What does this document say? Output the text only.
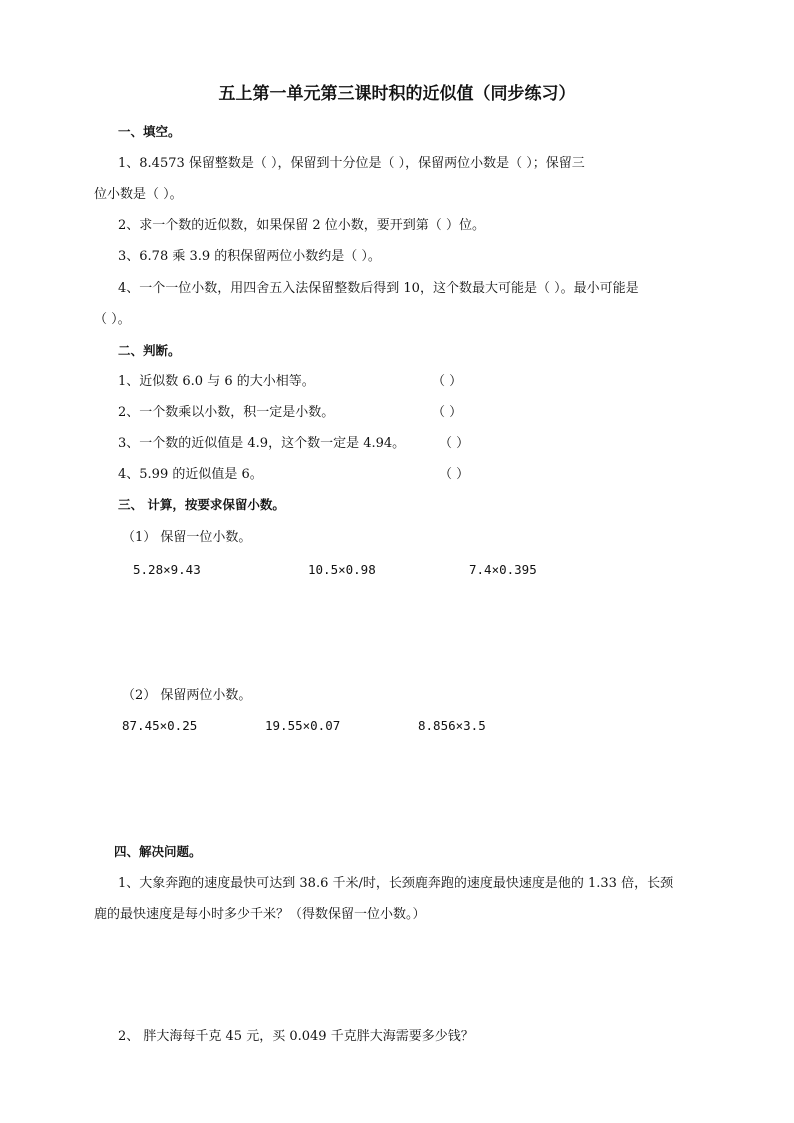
五上第一单元第三课时积的近似值（同步练习）
一、填空。
1、8.4573 保留整数是（ ），保留到十分位是（ ），保留两位小数是（ ）；保留三
位小数是（ ）。
2、求一个数的近似数，如果保留 2 位小数，要开到第（ ）位。
3、6.78 乘 3.9 的积保留两位小数约是（ ）。
4、一个一位小数，用四舍五入法保留整数后得到 10，这个数最大可能是（ ）。最小可能是
（ ）。
二、判断。
1、近似数 6.0 与 6 的大小相等。	（ ）
2、一个数乘以小数，积一定是小数。	（ ）
3、一个数的近似值是 4.9，这个数一定是 4.94。	（ ）
4、5.99 的近似值是 6。	（ ）
三、 计算，按要求保留小数。
（1） 保留一位小数。
5.28×9.43	10.5×0.98	7.4×0.395
（2） 保留两位小数。
87.45×0.25	19.55×0.07	8.856×3.5
四、解决问题。
1、大象奔跑的速度最快可达到 38.6 千米/时，长颈鹿奔跑的速度最快速度是他的 1.33 倍，长颈
鹿的最快速度是每小时多少千米？（得数保留一位小数。）
2、 胖大海每千克 45 元，买 0.049 千克胖大海需要多少钱？
